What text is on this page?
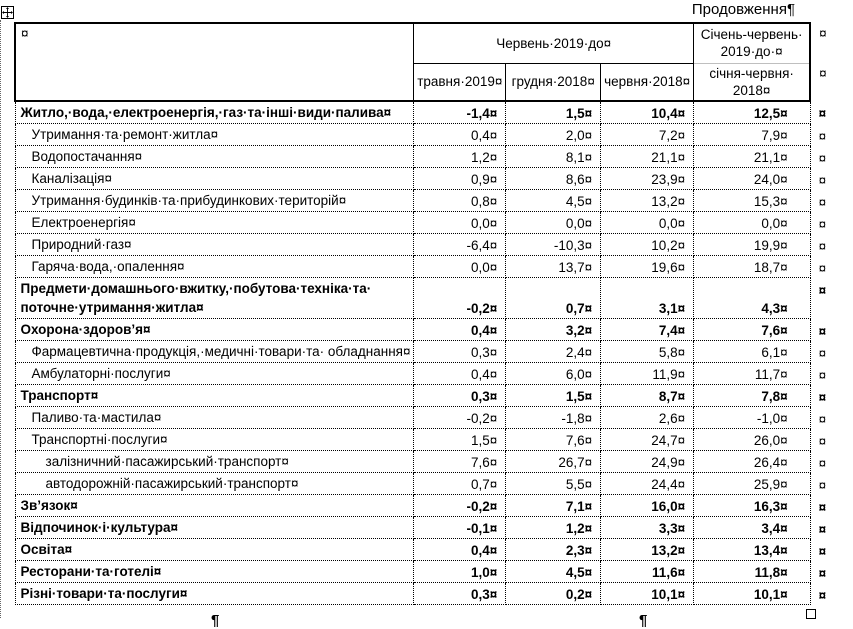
Продовження¶
¤	Червень·2019·до¤			Січень-червень· 2019·до·¤	¤
	травня·2019¤	грудня·2018¤	червня·2018¤	січня-червня· 2018¤	¤
Житло,·вода,·електроенергія,·газ·та·інші·види·палива¤	-1,4¤	1,5¤	10,4¤	12,5¤	¤
Утримання·та·ремонт·житла¤	0,4¤	2,0¤	7,2¤	7,9¤	¤
Водопостачання¤	1,2¤	8,1¤	21,1¤	21,1¤	¤
Каналізація¤	0,9¤	8,6¤	23,9¤	24,0¤	¤
Утримання·будинків·та·прибудинкових·територій¤	0,8¤	4,5¤	13,2¤	15,3¤	¤
Електроенергія¤	0,0¤	0,0¤	0,0¤	0,0¤	¤
Природний·газ¤	-6,4¤	-10,3¤	10,2¤	19,9¤	¤
Гаряча·вода,·опалення¤	0,0¤	13,7¤	19,6¤	18,7¤	¤
Предмети·домашнього·вжитку,·побутова·техніка·та· поточне·утримання·житла¤	-0,2¤	0,7¤	3,1¤	4,3¤	¤
Охорона·здоров’я¤	0,4¤	3,2¤	7,4¤	7,6¤	¤
Фармацевтична·продукція,·медичні·товари·та· обладнання¤	0,3¤	2,4¤	5,8¤	6,1¤	¤
Амбулаторні·послуги¤	0,4¤	6,0¤	11,9¤	11,7¤	¤
Транспорт¤	0,3¤	1,5¤	8,7¤	7,8¤	¤
Паливо·та·мастила¤	-0,2¤	-1,8¤	2,6¤	-1,0¤	¤
Транспортні·послуги¤	1,5¤	7,6¤	24,7¤	26,0¤	¤
залізничний·пасажирський·транспорт¤	7,6¤	26,7¤	24,9¤	26,4¤	¤
автодорожній·пасажирський·транспорт¤	0,7¤	5,5¤	24,4¤	25,9¤	¤
Зв’язок¤	-0,2¤	7,1¤	16,0¤	16,3¤	¤
Відпочинок·і·культура¤	-0,1¤	1,2¤	3,3¤	3,4¤	¤
Освіта¤	0,4¤	2,3¤	13,2¤	13,4¤	¤
Ресторани·та·готелі¤	1,0¤	4,5¤	11,6¤	11,8¤	¤
Різні·товари·та·послуги¤	0,3¤	0,2¤	10,1¤	10,1¤	¤
¶	¶
